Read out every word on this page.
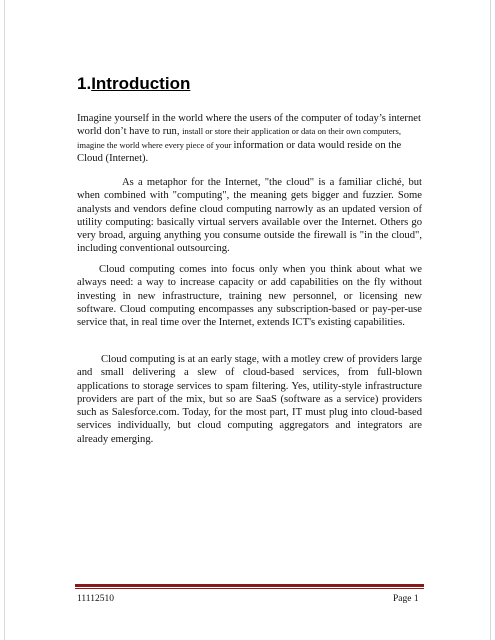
1.Introduction

Imagine yourself in the world where the users of the computer of today’s internet world don’t have to run, install or store their application or data on their own computers, imagine the world where every piece of your information or data would reside on the Cloud (Internet).

As a metaphor for the Internet, "the cloud" is a familiar cliché, but when combined with "computing", the meaning gets bigger and fuzzier. Some analysts and vendors define cloud computing narrowly as an updated version of utility computing: basically virtual servers available over the Internet. Others go very broad, arguing anything you consume outside the firewall is "in the cloud", including conventional outsourcing.

Cloud computing comes into focus only when you think about what we always need: a way to increase capacity or add capabilities on the fly without investing in new infrastructure, training new personnel, or licensing new software. Cloud computing encompasses any subscription-based or pay-per-use service that, in real time over the Internet, extends ICT's existing capabilities.

Cloud computing is at an early stage, with a motley crew of providers large and small delivering a slew of cloud-based services, from full-blown applications to storage services to spam filtering. Yes, utility-style infrastructure providers are part of the mix, but so are SaaS (software as a service) providers such as Salesforce.com. Today, for the most part, IT must plug into cloud-based services individually, but cloud computing aggregators and integrators are already emerging.

11112510	Page 1
